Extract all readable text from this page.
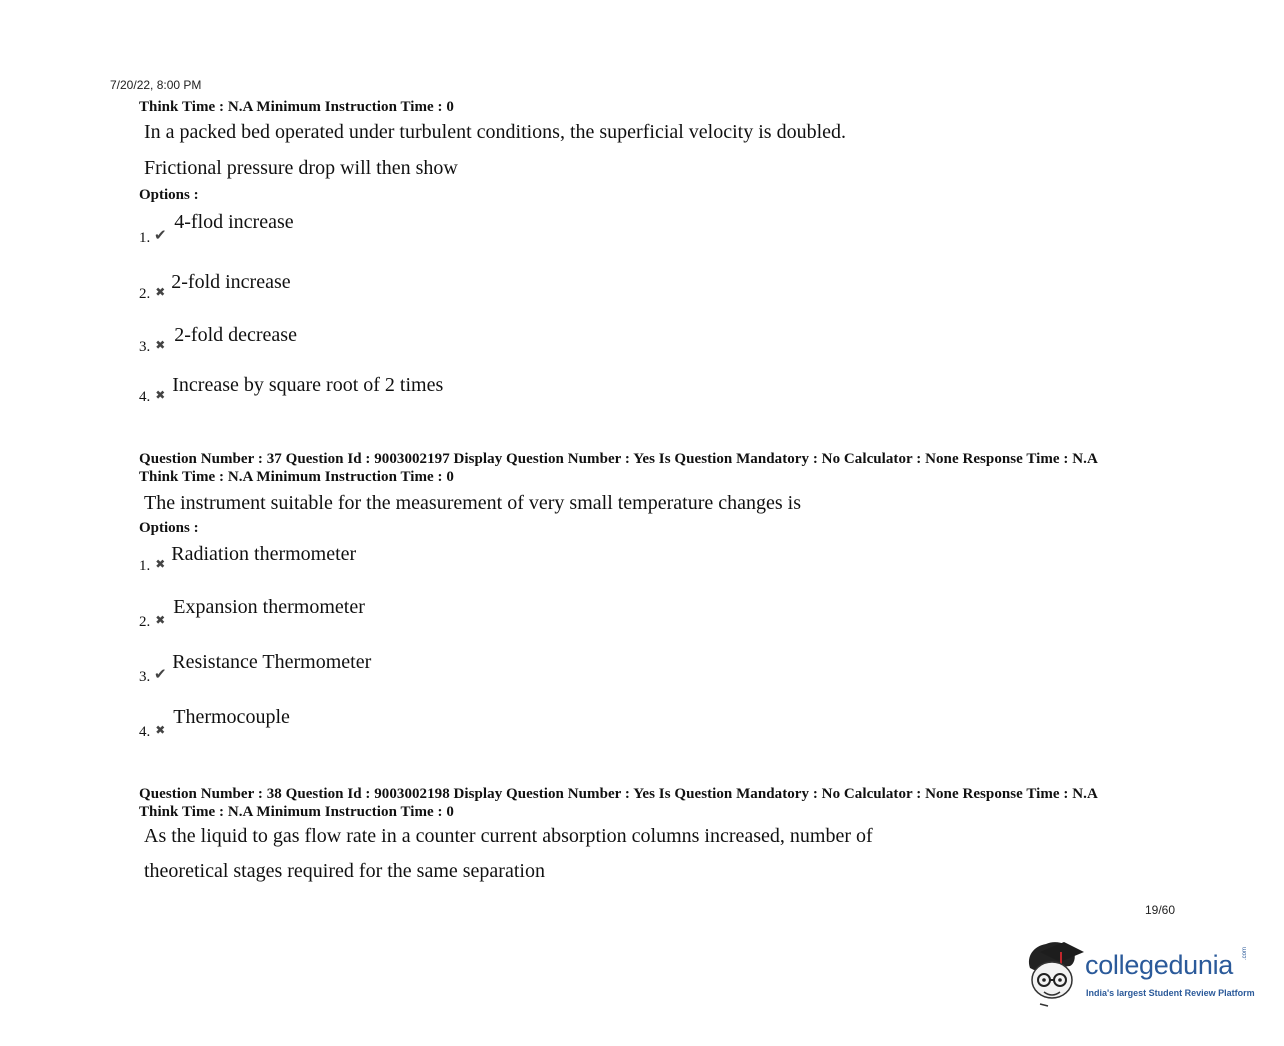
7/20/22, 8:00 PM
Think Time : N.A Minimum Instruction Time : 0
In a packed bed operated under turbulent conditions, the superficial velocity is doubled.
Frictional pressure drop will then show
Options :
1. ✔ 4-flod increase
2. ✖ 2-fold increase
3. ✖ 2-fold decrease
4. ✖ Increase by square root of 2 times
Question Number : 37 Question Id : 9003002197 Display Question Number : Yes Is Question Mandatory : No Calculator : None Response Time : N.A
Think Time : N.A Minimum Instruction Time : 0
The instrument suitable for the measurement of very small temperature changes is
Options :
1. ✖ Radiation thermometer
2. ✖ Expansion thermometer
3. ✔ Resistance Thermometer
4. ✖ Thermocouple
Question Number : 38 Question Id : 9003002198 Display Question Number : Yes Is Question Mandatory : No Calculator : None Response Time : N.A
Think Time : N.A Minimum Instruction Time : 0
As the liquid to gas flow rate in a counter current absorption columns increased, number of
theoretical stages required for the same separation
19/60
collegedunia .com
India's largest Student Review Platform
